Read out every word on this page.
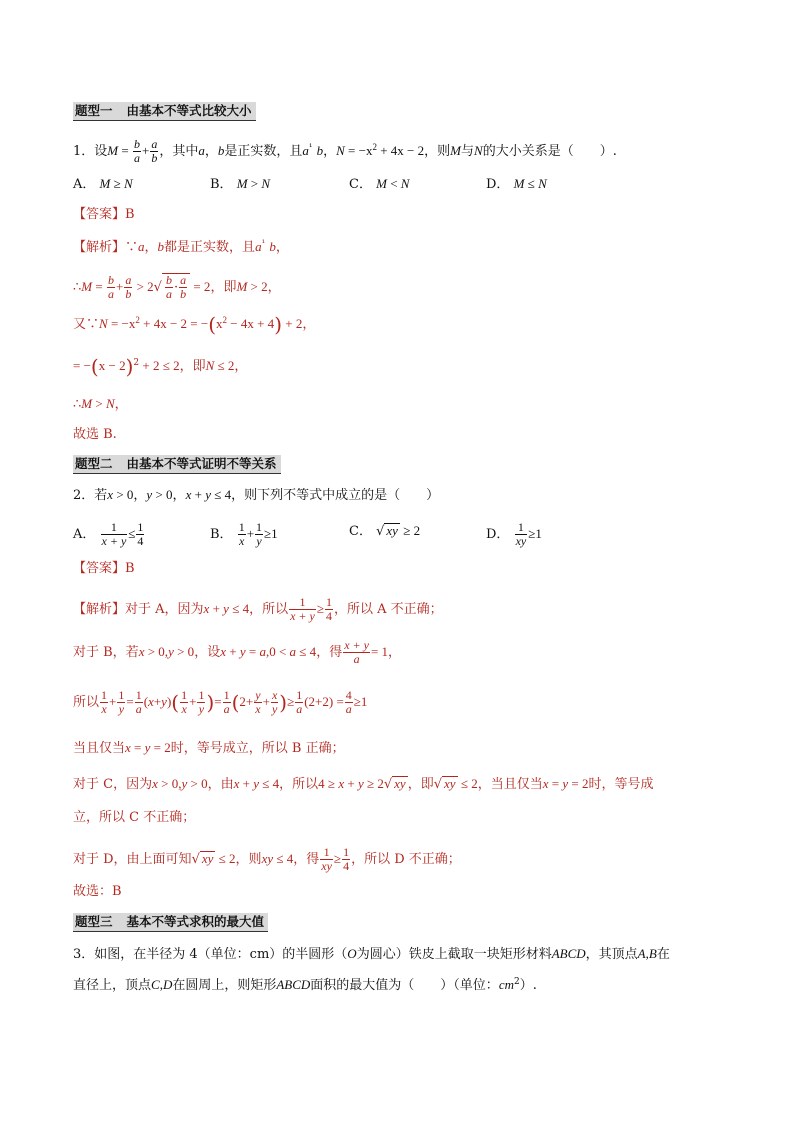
题型一 由基本不等式比较大小
1．设$M = \frac{b}{a} + \frac{a}{b}$ ，其中a，b是正实数，且$a^{^1}$ b，$N = -x^2 + 4x - 2$，则M与N的大小关系是（　　）.
A． M ≥ N	B． M > N	C． M < N	D． M ≤ N
【答案】B
【解析】∵a，b都是正实数，且$a^{^1}$ b，
∴M = $\frac{b}{a} + \frac{a}{b} > 2√ \frac{b}{a} \cdot \frac{a}{b} = 2$，即M > 2，
又∵N = $-x^2 + 4x - 2 = -(x^2 - 4x + 4) + 2$，
= $-(x - 2)^2 + 2 \le 2$，即N ≤ 2，
∴M > N，
故选 B.
题型二 由基本不等式证明不等关系
2．若x > 0，y > 0，x + y ≤ 4，则下列不等式中成立的是（　　）
A． $\frac{1}{x + y} \le \frac{1}{4}$	B． $\frac{1}{x} + \frac{1}{y} \ge 1$	C． √ xy ≥ 2	D． $\frac{1}{xy} \ge 1$
【答案】B
【解析】对于 A，因为x + y ≤ 4，所以 $\frac{1}{x + y} \ge \frac{1}{4}$ ，所以 A 不正确；
对于 B，若x > 0,y > 0，设x + y = a,0 < a ≤ 4，得 $\frac{x + y}{a} = 1$，
所以 $\frac{1}{x} + \frac{1}{y} = \frac{1}{a} (x+y)( \frac{1}{x} + \frac{1}{y}$ )= $\frac{1}{a} (2+ \frac{y}{x} + \frac{x}{y}$ )≥ $\frac{1}{a} (2+2) = \frac{4}{a} \ge 1$
当且仅当x = y = 2时，等号成立，所以 B 正确；
对于 C，因为x > 0,y > 0，由x + y ≤ 4，所以4 ≥ x + y ≥ 2√ xy ，即√ xy ≤ 2，当且仅当x = y = 2时，等号成
立，所以 C 不正确；
对于 D，由上面可知√ xy ≤ 2，则xy ≤ 4，得 $\frac{1}{xy} \ge \frac{1}{4}$ ，所以 D 不正确；
故选：B
题型三 基本不等式求积的最大值
3．如图，在半径为 4（单位：cm）的半圆形（O为圆心）铁皮上截取一块矩形材料ABCD，其顶点A,B在
直径上，顶点C,D在圆周上，则矩形ABCD面积的最大值为（　　）（单位：$cm^2$）.
